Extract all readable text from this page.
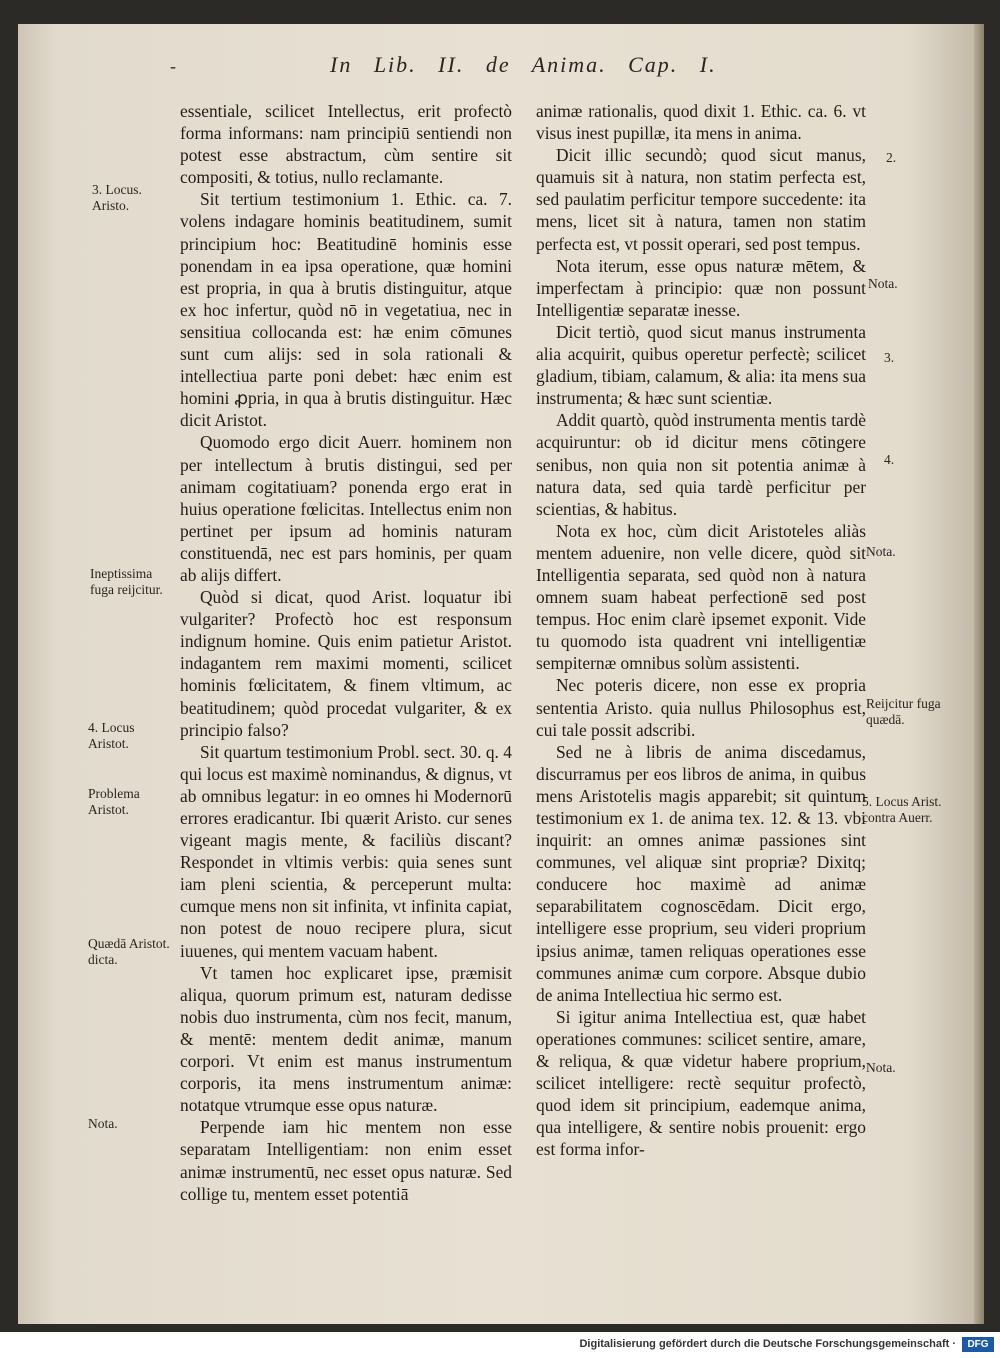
-	In Lib. II. de Anima. Cap. I.

essentiale, scilicet Intellectus, erit profectò forma informans: nam principiū sentiendi non potest esse abstractum, cùm sentire sit compositi, & totius, nullo reclamante.

Sit tertium testimonium 1. Ethic. ca. 7. volens indagare hominis beatitudinem, sumit principium hoc: Beatitudinē hominis esse ponendam in ea ipsa operatione, quæ homini est propria, in qua à brutis distinguitur, atque ex hoc infertur, quòd nō in vegetatiua, nec in sensitiua collocanda est: hæ enim cōmunes sunt cum alijs: sed in sola rationali & intellectiua parte poni debet: hæc enim est homini ꝓpria, in qua à brutis distinguitur. Hæc dicit Aristot.

Quomodo ergo dicit Auerr. hominem non per intellectum à brutis distingui, sed per animam cogitatiuam? ponenda ergo erat in huius operatione fœlicitas. Intellectus enim non pertinet per ipsum ad hominis naturam constituendā, nec est pars hominis, per quam ab alijs differt.

Quòd si dicat, quod Arist. loquatur ibi vulgariter? Profectò hoc est responsum indignum homine. Quis enim patietur Aristot. indagantem rem maximi momenti, scilicet hominis fœlicitatem, & finem vltimum, ac beatitudinem; quòd procedat vulgariter, & ex principio falso?

Sit quartum testimonium Probl. sect. 30. q. 4 qui locus est maximè nominandus, & dignus, vt ab omnibus legatur: in eo omnes hi Modernorū errores eradicantur. Ibi quærit Aristo. cur senes vigeant magis mente, & faciliùs discant? Respondet in vltimis verbis: quia senes sunt iam pleni scientia, & perceperunt multa: cumque mens non sit infinita, vt infinita capiat, non potest de nouo recipere plura, sicut iuuenes, qui mentem vacuam habent.

Vt tamen hoc explicaret ipse, præmisit aliqua, quorum primum est, naturam dedisse nobis duo instrumenta, cùm nos fecit, manum, & mentē: mentem dedit animæ, manum corpori. Vt enim est manus instrumentum corporis, ita mens instrumentum animæ: notatque vtrumque esse opus naturæ.

Perpende iam hic mentem non esse separatam Intelligentiam: non enim esset animæ instrumentū, nec esset opus naturæ. Sed collige tu, mentem esset potentiā

animæ rationalis, quod dixit 1. Ethic. ca. 6. vt visus inest pupillæ, ita mens in anima.

Dicit illic secundò; quod sicut manus, quamuis sit à natura, non statim perfecta est, sed paulatim perficitur tempore succedente: ita mens, licet sit à natura, tamen non statim perfecta est, vt possit operari, sed post tempus.

Nota iterum, esse opus naturæ mētem, & imperfectam à principio: quæ non possunt Intelligentiæ separatæ inesse.

Dicit tertiò, quod sicut manus instrumenta alia acquirit, quibus operetur perfectè; scilicet gladium, tibiam, calamum, & alia: ita mens sua instrumenta; & hæc sunt scientiæ.

Addit quartò, quòd instrumenta mentis tardè acquiruntur: ob id dicitur mens cōtingere senibus, non quia non sit potentia animæ à natura data, sed quia tardè perficitur per scientias, & habitus.

Nota ex hoc, cùm dicit Aristoteles aliàs mentem aduenire, non velle dicere, quòd sit Intelligentia separata, sed quòd non à natura omnem suam habeat perfectionē sed post tempus. Hoc enim clarè ipsemet exponit. Vide tu quomodo ista quadrent vni intelligentiæ sempiternæ omnibus solùm assistenti.

Nec poteris dicere, non esse ex propria sententia Aristo. quia nullus Philosophus est, cui tale possit adscribi.

Sed ne à libris de anima discedamus, discurramus per eos libros de anima, in quibus mens Aristotelis magis apparebit; sit quintum testimonium ex 1. de anima tex. 12. & 13. vbi inquirit: an omnes animæ passiones sint communes, vel aliquæ sint propriæ? Dixitq; conducere hoc maximè ad animæ separabilitatem cognoscēdam. Dicit ergo, intelligere esse proprium, seu videri proprium ipsius animæ, tamen reliquas operationes esse communes animæ cum corpore. Absque dubio de anima Intellectiua hic sermo est.

Si igitur anima Intellectiua est, quæ habet operationes communes: scilicet sentire, amare, & reliqua, & quæ videtur habere proprium, scilicet intelligere: rectè sequitur profectò, quod idem sit principium, eademque anima, qua intelligere, & sentire nobis prouenit: ergo est forma infor-

3. Locus. Aristo.
Ineptissima fuga reijcitur.
4. Locus Aristot.
Problema Aristot.
Quædā Aristot. dicta.
Nota.
2.
Nota.
3.
4.
Nota.
Reijcitur fuga quædā.
5. Locus Arist. contra Auerr.
Nota.
Digitalisierung gefördert durch die Deutsche Forschungsgemeinschaft ·	DFG
